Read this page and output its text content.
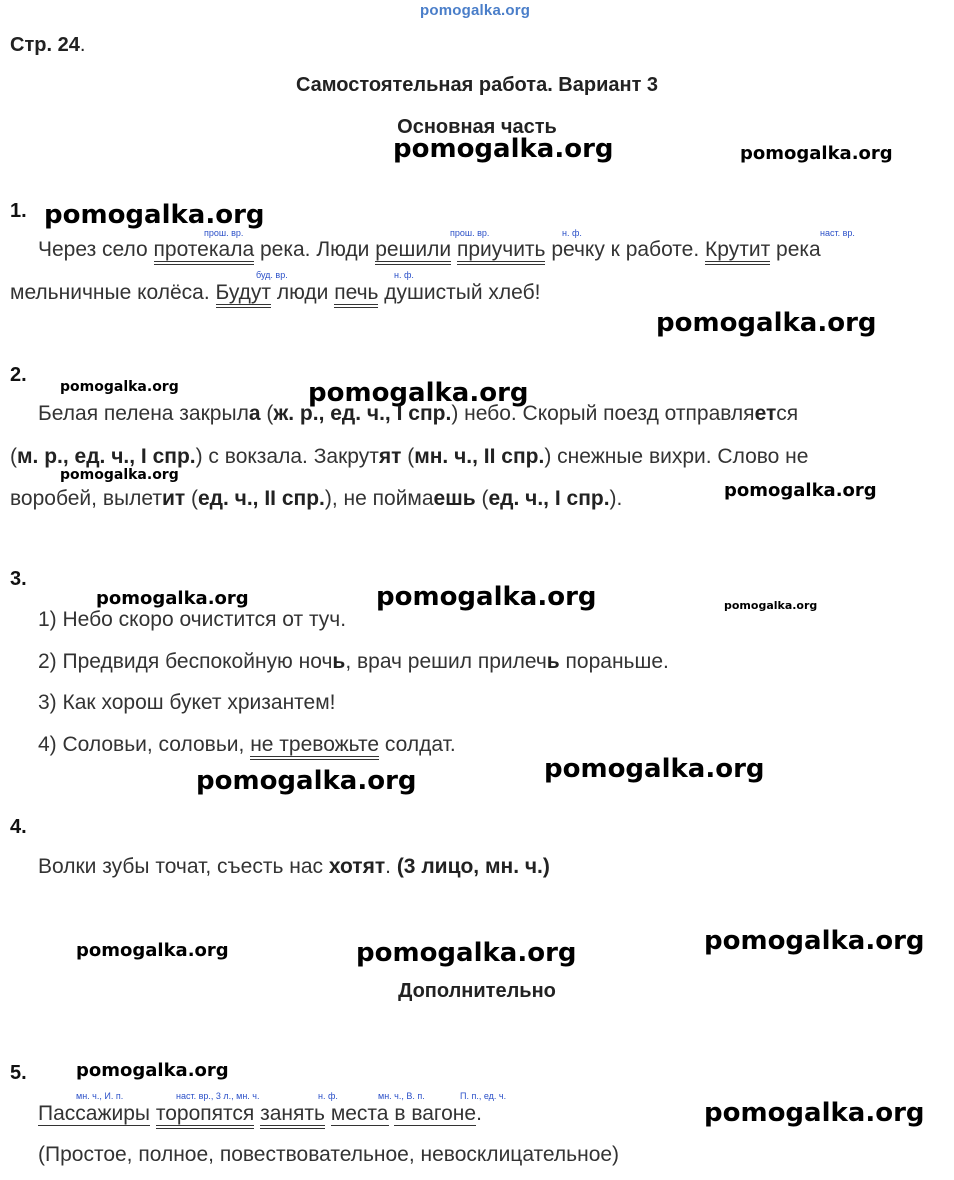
pomogalka.org
Стр. 24.
Самостоятельная работа. Вариант 3
Основная часть
pomogalka.org	pomogalka.org
pomogalka.org
pomogalka.org
pomogalka.org	pomogalka.org
pomogalka.org
pomogalka.org
pomogalka.org	pomogalka.org	pomogalka.org
pomogalka.org
pomogalka.org
pomogalka.org	pomogalka.org	pomogalka.org
pomogalka.org
pomogalka.org
1.
прош. вр.	прош. вр.	н. ф.	наст. вр.
Через село протекала река. Люди решили приучить речку к работе. Крутит река
буд. вр.	н. ф.
мельничные колёса. Будут люди печь душистый хлеб!
2.
Белая пелена закрыла (ж. р., ед. ч., I спр.) небо. Скорый поезд отправляется
(м. р., ед. ч., I спр.) с вокзала. Закрутят (мн. ч., II спр.) снежные вихри. Слово не
воробей, вылетит (ед. ч., II спр.), не поймaешь (ед. ч., I спр.).
3.
1) Небо скоро очистится от туч.
2) Предвидя беспокойную ночь, врач решил прилечь пораньше.
3) Как хорош букет хризантем!
4) Соловьи, соловьи, не тревожьте солдат.
4.
Волки зубы точат, съесть нас хотят. (3 лицо, мн. ч.)
Дополнительно
5.
мн. ч., И. п.	наст. вр., 3 л., мн. ч.	н. ф.	мн. ч., В. п.	П. п., ед. ч.
Пассажиры торопятся занять места в вагоне.
(Простое, полное, повествовательное, невосклицательное)
